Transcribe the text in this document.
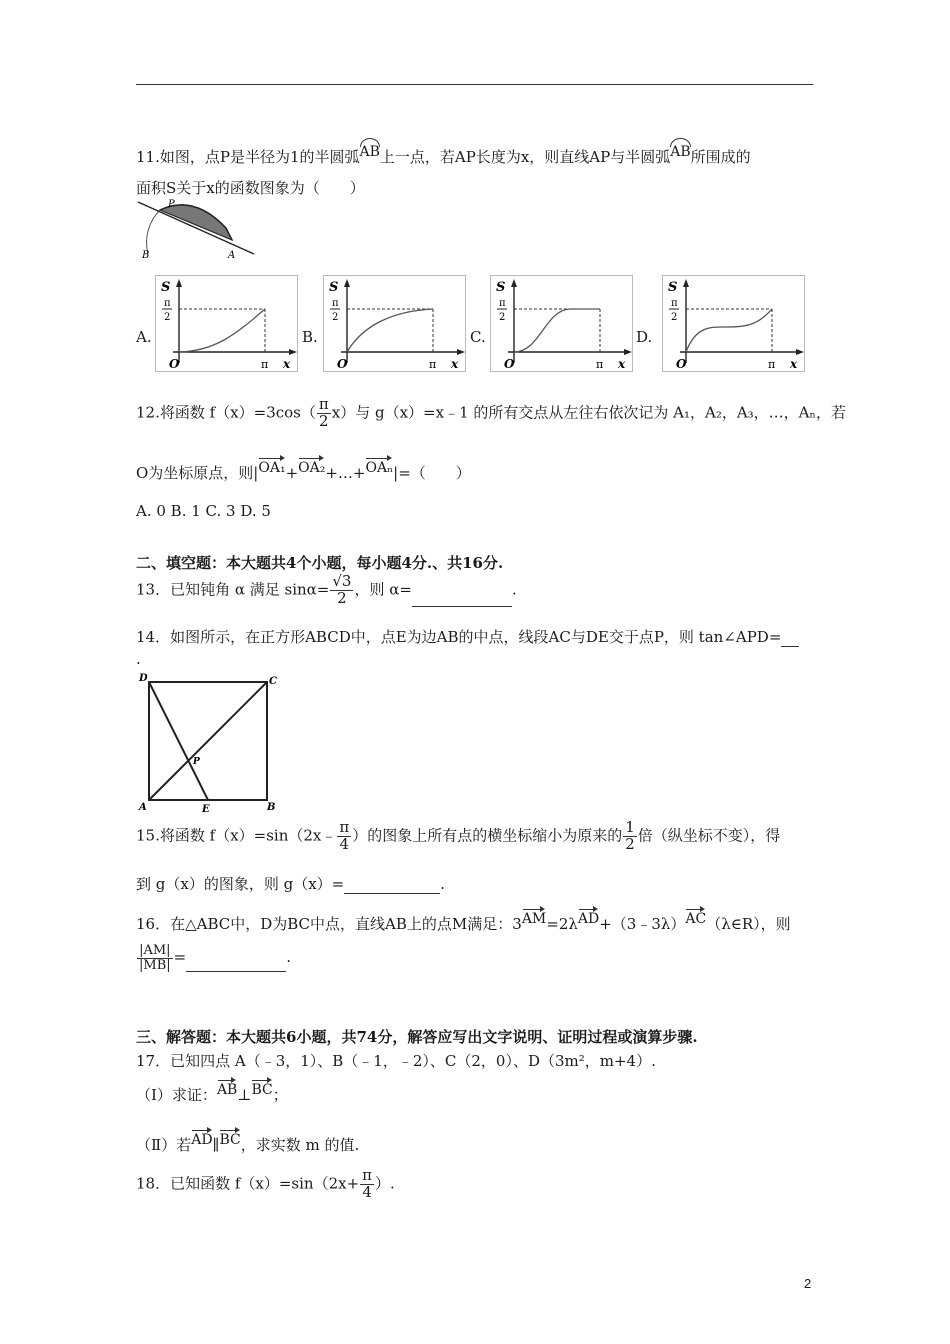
11.如图，点P是半径为1的半圆弧AB上一点，若AP长度为x，则直线AP与半圆弧AB所围成的
面积S关于x的函数图象为（　　）
P
B	A
A.	B.	C.	D.
S
π
2
O	π x
S
π
2
O	π x
S
π
2
O	π x
S
π
2
O	π x
12.将函数 $f(x)=3\cos( \frac{\pi}{2} x)$与 g（x）=x﹣1 的所有交点从左往右依次记为 A₁，A₂，A₃，…，Aₙ，若
O为坐标原点，则|OA₁+OA₂+…+OAₙ|=（　　）
A. 0 B. 1 C. 3 D. 5
二、填空题：本大题共4个小题，每小题4分.、共16分.
13．已知钝角 α 满足 $\sin\alpha= \frac{√3}{2}$ ，则 α=	.
14．如图所示，在正方形ABCD中，点E为边AB的中点，线段AC与DE交于点P，则 tan∠APD=
.
D	C
A	E	B
P
15.将函数 f（x）=sin（2x﹣ $\frac{\pi}{4}$ ）的图象上所有点的横坐标缩小为原来的 $\frac{1}{2}$ 倍（纵坐标不变），得
到 g（x）的图象，则 g（x）=	.
16．在△ABC中，D为BC中点，直线AB上的点M满足：3AM=2λAD+（3﹣3λ）AC（λ∈R），则
$\frac{|AM|}{|MB|}$ =	.
三、解答题：本大题共6小题，共74分，解答应写出文字说明、证明过程或演算步骤.
17．已知四点 A（﹣3，1）、B（﹣1，﹣2）、C（2，0）、D（3m²，m+4）.
（Ⅰ）求证：AB⊥BC；
（Ⅱ）若AD∥BC，求实数 m 的值.
18．已知函数 $f(x)=\sin(2x+ \frac{\pi}{4}$ ）.
2
